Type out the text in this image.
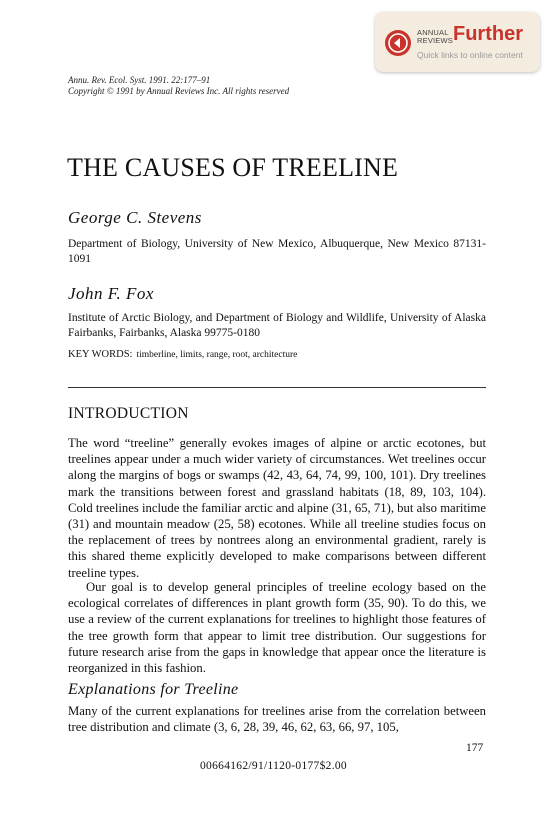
ANNUAL
REVIEWS Further
Quick links to online content
Annu. Rev. Ecol. Syst. 1991. 22:177–91
Copyright © 1991 by Annual Reviews Inc. All rights reserved
THE CAUSES OF TREELINE
George C. Stevens
Department of Biology, University of New Mexico, Albuquerque, New Mexico 87131-1091
John F. Fox
Institute of Arctic Biology, and Department of Biology and Wildlife, University of Alaska Fairbanks, Fairbanks, Alaska 99775-0180
KEY WORDS: timberline, limits, range, root, architecture
INTRODUCTION

The word “treeline” generally evokes images of alpine or arctic ecotones, but treelines appear under a much wider variety of circumstances. Wet treelines occur along the margins of bogs or swamps (42, 43, 64, 74, 99, 100, 101). Dry treelines mark the transitions between forest and grassland habitats (18, 89, 103, 104). Cold treelines include the familiar arctic and alpine (31, 65, 71), but also maritime (31) and mountain meadow (25, 58) ecotones. While all treeline studies focus on the replacement of trees by nontrees along an environmental gradient, rarely is this shared theme explicitly developed to make comparisons between different treeline types.

Our goal is to develop general principles of treeline ecology based on the ecological correlates of differences in plant growth form (35, 90). To do this, we use a review of the current explanations for treelines to highlight those features of the tree growth form that appear to limit tree distribution. Our suggestions for future research arise from the gaps in knowledge that appear once the literature is reorganized in this fashion.

Explanations for Treeline

Many of the current explanations for treelines arise from the correlation between tree distribution and climate (3, 6, 28, 39, 46, 62, 63, 66, 97, 105,

177
00664162/91/1120-0177$2.00
